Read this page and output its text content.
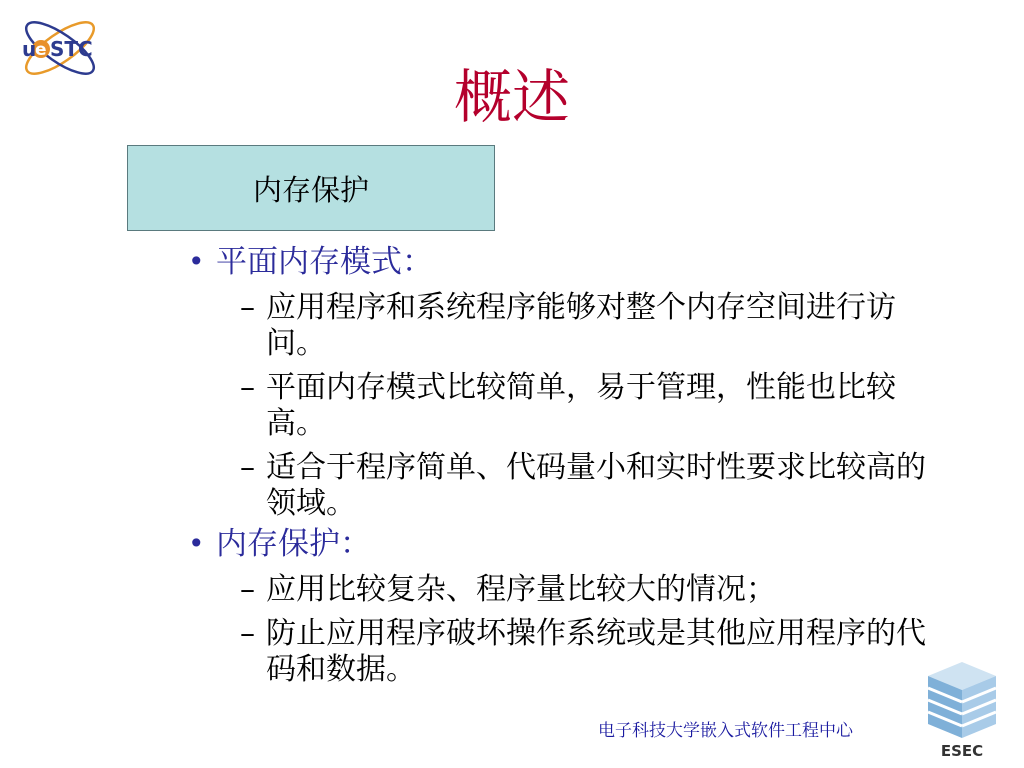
u
e STC
概述
内存保护
• 平面内存模式：
– 应用程序和系统程序能够对整个内存空间进行访问。
– 平面内存模式比较简单，易于管理，性能也比较高。
– 适合于程序简单、代码量小和实时性要求比较高的领域。
• 内存保护：
– 应用比较复杂、程序量比较大的情况；
– 防止应用程序破坏操作系统或是其他应用程序的代码和数据。
电子科技大学嵌入式软件工程中心
ESEC
